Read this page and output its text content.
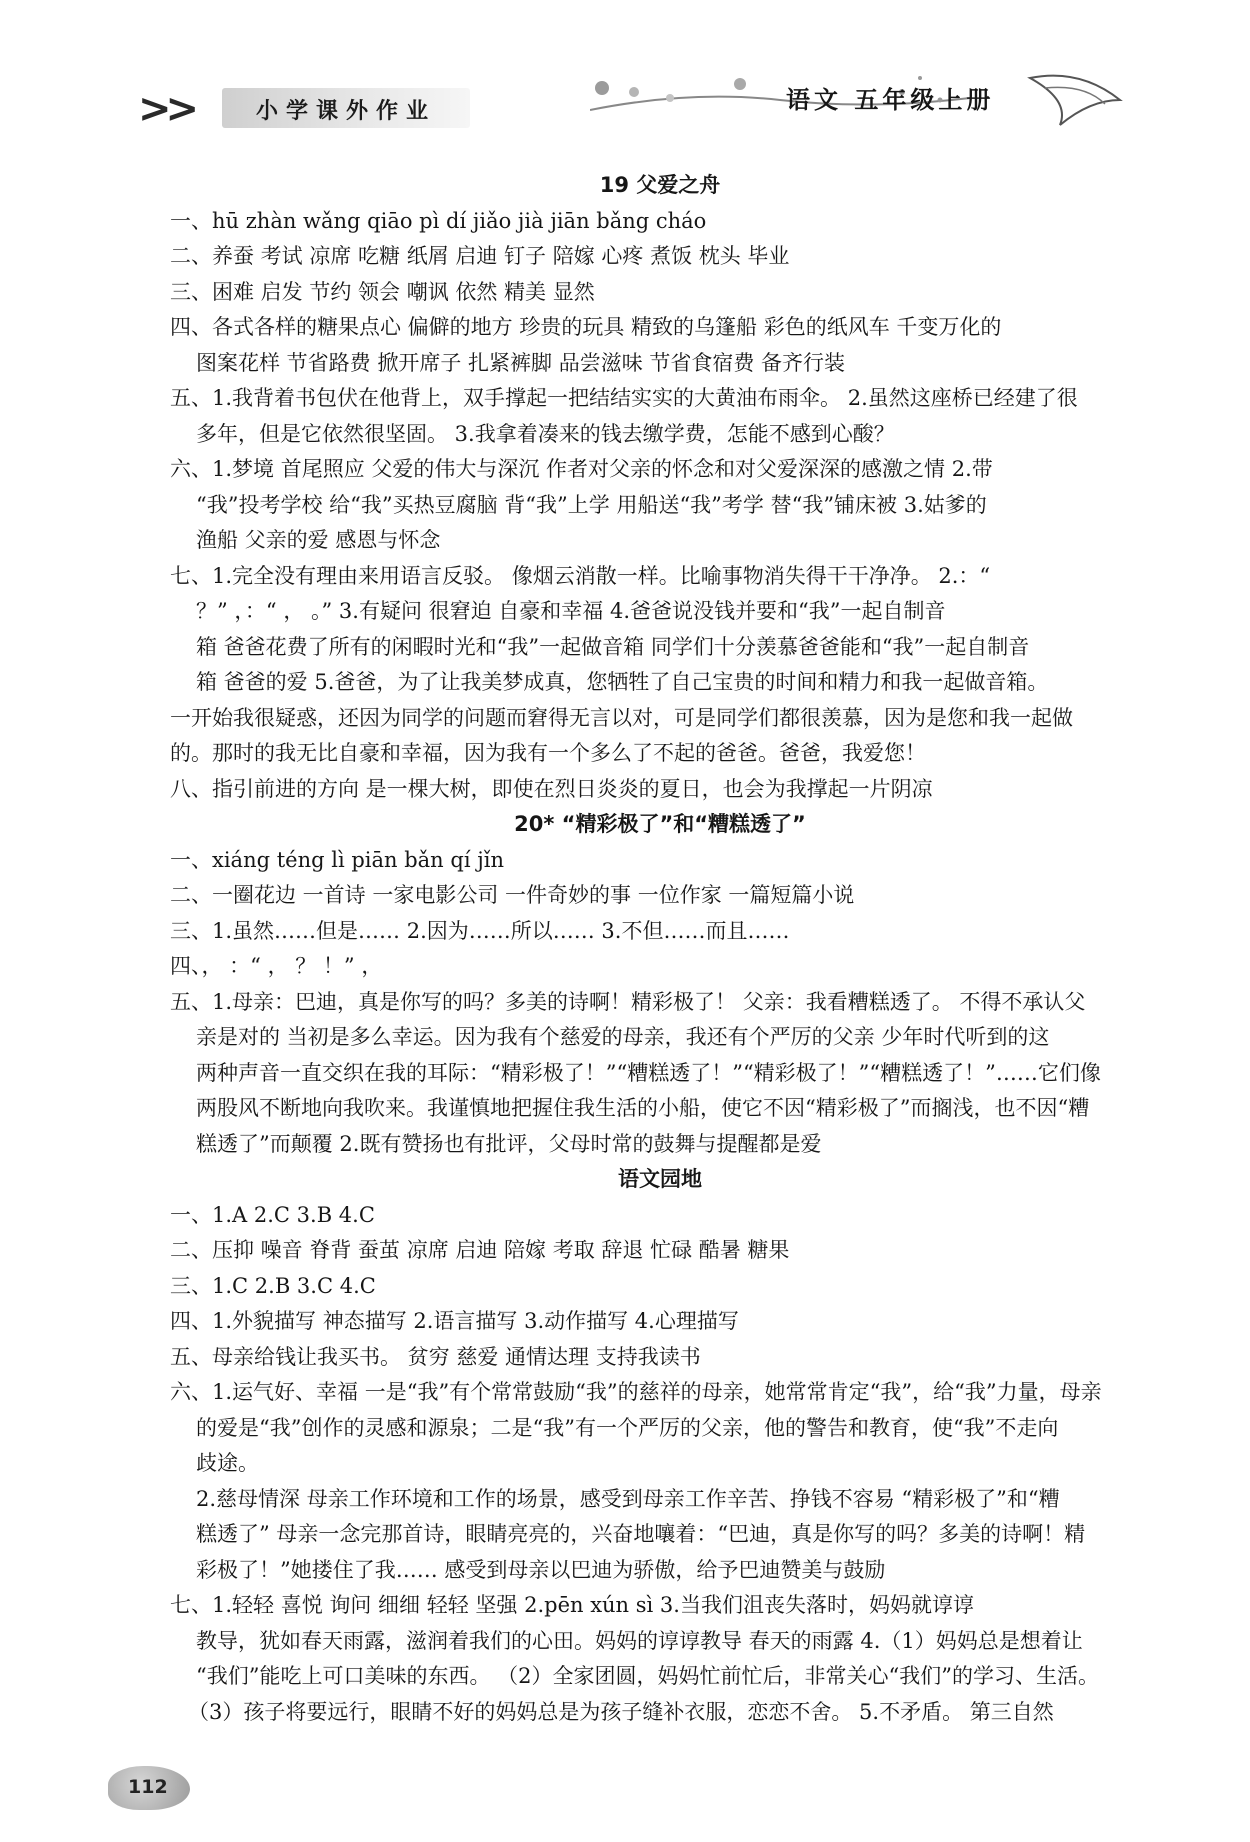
>>	小学课外作业	语文 五年级上册
19 父爱之舟
一、hū zhàn wǎng qiāo pì dí jiǎo jià jiān bǎng cháo
二、养蚕 考试 凉席 吃糖 纸屑 启迪 钉子 陪嫁 心疼 煮饭 枕头 毕业
三、困难 启发 节约 领会 嘲讽 依然 精美 显然
四、各式各样的糖果点心 偏僻的地方 珍贵的玩具 精致的乌篷船 彩色的纸风车 千变万化的
图案花样 节省路费 掀开席子 扎紧裤脚 品尝滋味 节省食宿费 备齐行装
五、1.我背着书包伏在他背上，双手撑起一把结结实实的大黄油布雨伞。 2.虽然这座桥已经建了很
多年，但是它依然很坚固。 3.我拿着凑来的钱去缴学费，怎能不感到心酸？
六、1.梦境 首尾照应 父爱的伟大与深沉 作者对父亲的怀念和对父爱深深的感激之情 2.带
“我”投考学校 给“我”买热豆腐脑 背“我”上学 用船送“我”考学 替“我”铺床被 3.姑爹的
渔船 父亲的爱 感恩与怀念
七、1.完全没有理由来用语言反驳。 像烟云消散一样。比喻事物消失得干干净净。 2.：“
？” ，：“ ， 。” 3.有疑问 很窘迫 自豪和幸福 4.爸爸说没钱并要和“我”一起自制音
箱 爸爸花费了所有的闲暇时光和“我”一起做音箱 同学们十分羡慕爸爸能和“我”一起自制音
箱 爸爸的爱 5.爸爸，为了让我美梦成真，您牺牲了自己宝贵的时间和精力和我一起做音箱。
一开始我很疑惑，还因为同学的问题而窘得无言以对，可是同学们都很羡慕，因为是您和我一起做
的。那时的我无比自豪和幸福，因为我有一个多么了不起的爸爸。爸爸，我爱您！
八、指引前进的方向 是一棵大树，即使在烈日炎炎的夏日，也会为我撑起一片阴凉
20* “精彩极了”和“糟糕透了”
一、xiáng téng lì piān bǎn qí jǐn
二、一圈花边 一首诗 一家电影公司 一件奇妙的事 一位作家 一篇短篇小说
三、1.虽然……但是…… 2.因为……所以…… 3.不但……而且……
四、， ：“ ， ？ ！” ，
五、1.母亲：巴迪，真是你写的吗？多美的诗啊！精彩极了！ 父亲：我看糟糕透了。 不得不承认父
亲是对的 当初是多么幸运。因为我有个慈爱的母亲，我还有个严厉的父亲 少年时代听到的这
两种声音一直交织在我的耳际：“精彩极了！”“糟糕透了！”“精彩极了！”“糟糕透了！”……它们像
两股风不断地向我吹来。我谨慎地把握住我生活的小船，使它不因“精彩极了”而搁浅，也不因“糟
糕透了”而颠覆 2.既有赞扬也有批评，父母时常的鼓舞与提醒都是爱
语文园地
一、1.A 2.C 3.B 4.C
二、压抑 噪音 脊背 蚕茧 凉席 启迪 陪嫁 考取 辞退 忙碌 酷暑 糖果
三、1.C 2.B 3.C 4.C
四、1.外貌描写 神态描写 2.语言描写 3.动作描写 4.心理描写
五、母亲给钱让我买书。 贫穷 慈爱 通情达理 支持我读书
六、1.运气好、幸福 一是“我”有个常常鼓励“我”的慈祥的母亲，她常常肯定“我”，给“我”力量，母亲
的爱是“我”创作的灵感和源泉；二是“我”有一个严厉的父亲，他的警告和教育，使“我”不走向
歧途。
2.慈母情深 母亲工作环境和工作的场景，感受到母亲工作辛苦、挣钱不容易 “精彩极了”和“糟
糕透了” 母亲一念完那首诗，眼睛亮亮的，兴奋地嚷着：“巴迪，真是你写的吗？多美的诗啊！精
彩极了！”她搂住了我…… 感受到母亲以巴迪为骄傲，给予巴迪赞美与鼓励
七、1.轻轻 喜悦 询问 细细 轻轻 坚强 2.pēn xún sì 3.当我们沮丧失落时，妈妈就谆谆
教导，犹如春天雨露，滋润着我们的心田。妈妈的谆谆教导 春天的雨露 4.（1）妈妈总是想着让
“我们”能吃上可口美味的东西。 （2）全家团圆，妈妈忙前忙后，非常关心“我们”的学习、生活。
（3）孩子将要远行，眼睛不好的妈妈总是为孩子缝补衣服，恋恋不舍。 5.不矛盾。 第三自然
112
